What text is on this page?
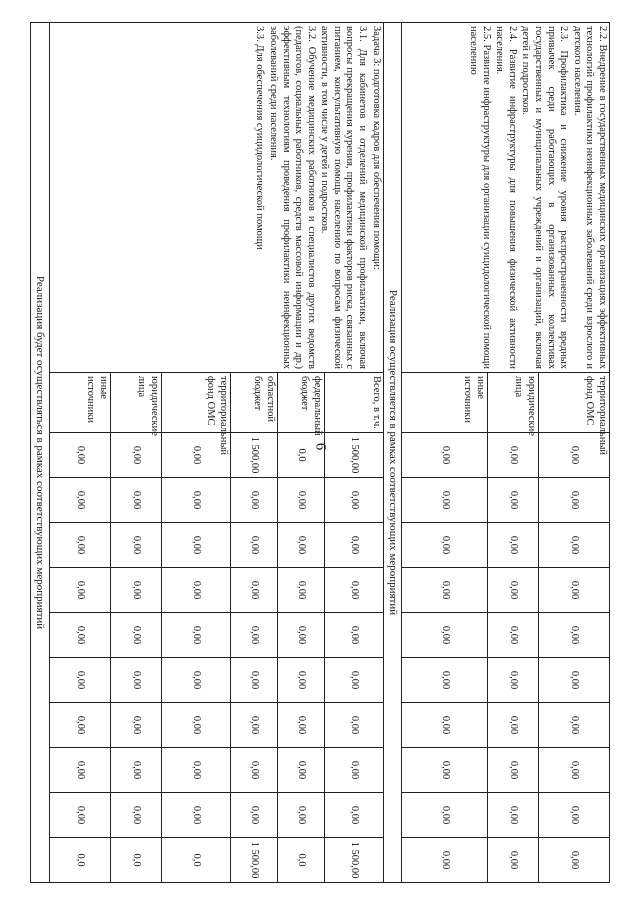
6
2.2. Внедрение в государственных медицинских организациях эффективных технологий профилактики неинфекционных заболеваний среди взрослого и детского населения.
2.3. Профилактика и снижение уровня распространенности вредных привычек среди работающих в организованных коллективах государственных и муниципальных учреждений и организаций, включая детей и подростков.
2.4. Развитие инфраструктуры для повышения физической активности населения.
2.5. Развитие инфраструктуры для организации суицидологической помощи населению	территориальный фонд ОМС	0,00	0,00	0,00	0,00	0,00	0,00	0,00	0,00	0,00	0,00
	юридические лица	0,00	0,00	0,00	0,00	0,00	0,00	0,00	0,00	0,00	0,00
	иные источники	0,00	0,00	0,00	0,00	0,00	0,00	0,00	0,00	0,00	0,00
Реализация осуществляется в рамках соответствующих мероприятий											

Задача 3: подготовка кадров для обеспечения помощи:
3.1. Для кабинетов и отделений медицинской профилактики, включая вопросы прекращения курения, профилактики факторов риска, связанных с питанием, консультативную помощь населению по вопросам физической активности, в том числе у детей и подростков.
3.2. Обучение медицинских работников и специалистов других ведомств (педагогов, социальных работников, средств массовой информации и др.) эффективным технологиям проведения профилактики неинфекционных заболеваний среди населения.
3.3. Для обеспечения суицидологической помощи	Всего, в т.ч.	1 500,00	0,00	0,00	0,00	0,00	0,00	0,00	0,00	0,00	1 500,00
	федеральный бюджет	0,0	0,00	0,00	0,00	0,00	0,00	0,00	0,00	0,00	0,0
	областной бюджет	1 500,00	0,00	0,00	0,00	0,00	0,00	0,00	0,00	0,00	1 500,00
	территориальный фонд ОМС	0,00	0,00	0,00	0,00	0,00	0,00	0,00	0,00	0,00	0,0
	юридические лица	0,00	0,00	0,00	0,00	0,00	0,00	0,00	0,00	0,00	0,0
	иные источники	0,00	0,00	0,00	0,00	0,00	0,00	0,00	0,00	0,00	0,0
Реализация будет осуществляться в рамках соответствующих мероприятий											
